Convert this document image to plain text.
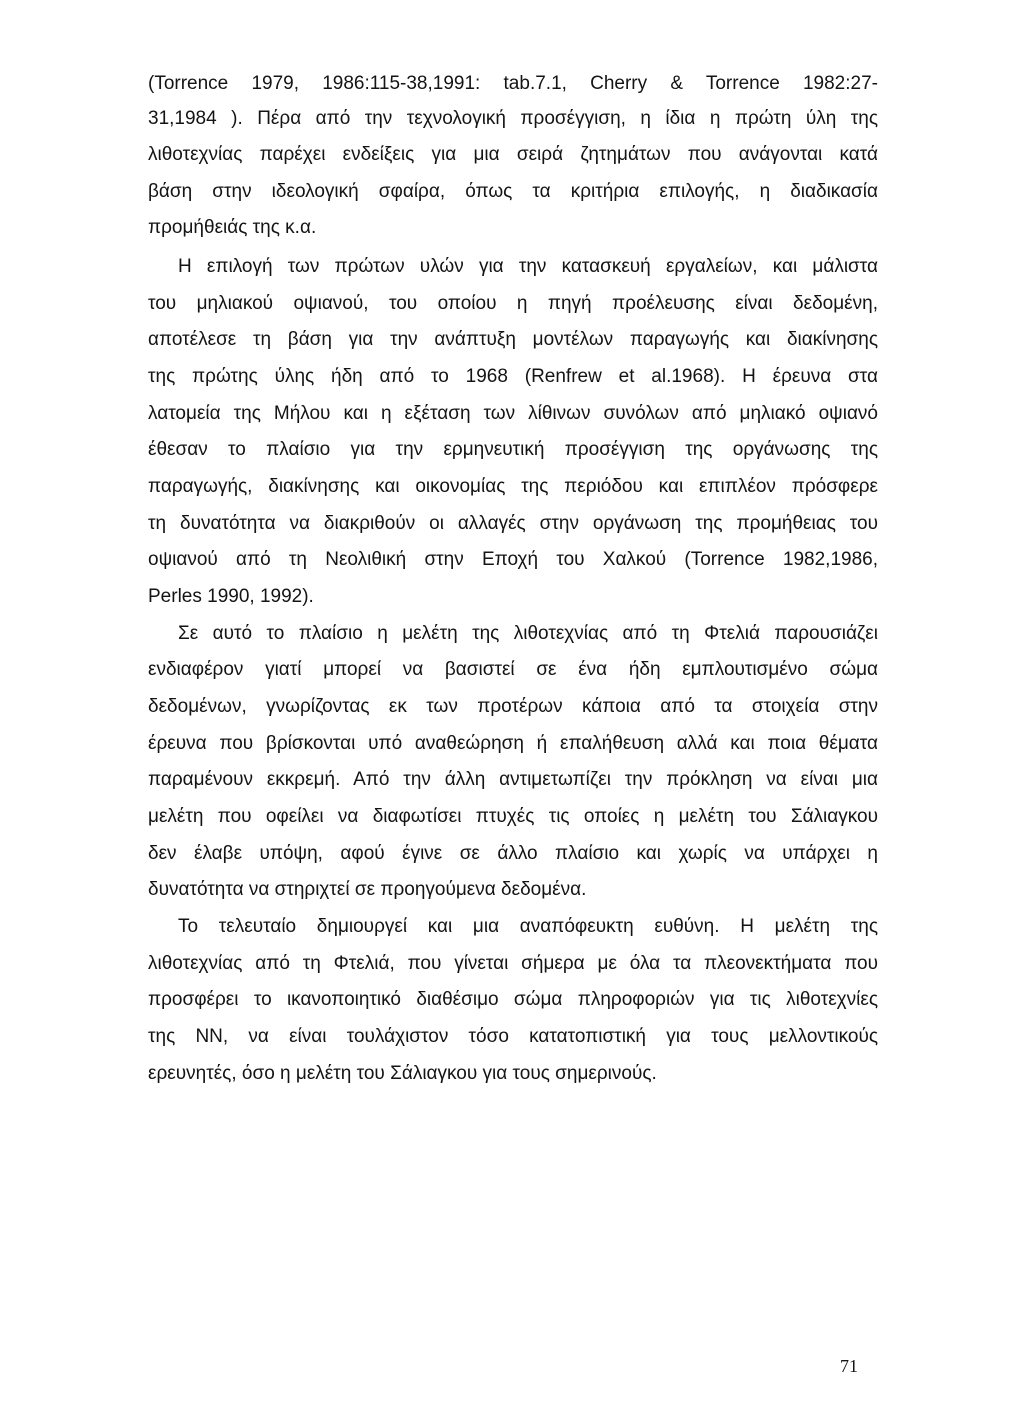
(Torrence 1979, 1986:115-38,1991: tab.7.1, Cherry & Torrence 1982:27-
31,1984 ). Πέρα από την τεχνολογική προσέγγιση, η ίδια η πρώτη ύλη της
λιθοτεχνίας παρέχει ενδείξεις για μια σειρά ζητημάτων που ανάγονται κατά
βάση στην ιδεολογική σφαίρα, όπως τα κριτήρια επιλογής, η διαδικασία
προμήθειάς της κ.α.
Η επιλογή των πρώτων υλών για την κατασκευή εργαλείων, και μάλιστα
του μηλιακού οψιανού, του οποίου η πηγή προέλευσης είναι δεδομένη,
αποτέλεσε τη βάση για την ανάπτυξη μοντέλων παραγωγής και διακίνησης
της πρώτης ύλης ήδη από το 1968 (Renfrew et al.1968). Η έρευνα στα
λατομεία της Μήλου και η εξέταση των λίθινων συνόλων από μηλιακό οψιανό
έθεσαν το πλαίσιο για την ερμηνευτική προσέγγιση της οργάνωσης της
παραγωγής, διακίνησης και οικονομίας της περιόδου και επιπλέον πρόσφερε
τη δυνατότητα να διακριθούν οι αλλαγές στην οργάνωση της προμήθειας του
οψιανού από τη Νεολιθική στην Εποχή του Χαλκού (Torrence 1982,1986,
Perles 1990, 1992).
Σε αυτό το πλαίσιο η μελέτη της λιθοτεχνίας από τη Φτελιά παρουσιάζει
ενδιαφέρον γιατί μπορεί να βασιστεί σε ένα ήδη εμπλουτισμένο σώμα
δεδομένων, γνωρίζοντας εκ των προτέρων κάποια από τα στοιχεία στην
έρευνα που βρίσκονται υπό αναθεώρηση ή επαλήθευση αλλά και ποια θέματα
παραμένουν εκκρεμή. Από την άλλη αντιμετωπίζει την πρόκληση να είναι μια
μελέτη που οφείλει να διαφωτίσει πτυχές τις οποίες η μελέτη του Σάλιαγκου
δεν έλαβε υπόψη, αφού έγινε σε άλλο πλαίσιο και χωρίς να υπάρχει η
δυνατότητα να στηριχτεί σε προηγούμενα δεδομένα.
Το τελευταίο δημιουργεί και μια αναπόφευκτη ευθύνη. Η μελέτη της
λιθοτεχνίας από τη Φτελιά, που γίνεται σήμερα με όλα τα πλεονεκτήματα που
προσφέρει το ικανοποιητικό διαθέσιμο σώμα πληροφοριών για τις λιθοτεχνίες
της ΝΝ, να είναι τουλάχιστον τόσο κατατοπιστική για τους μελλοντικούς
ερευνητές, όσο η μελέτη του Σάλιαγκου για τους σημερινούς.
71
